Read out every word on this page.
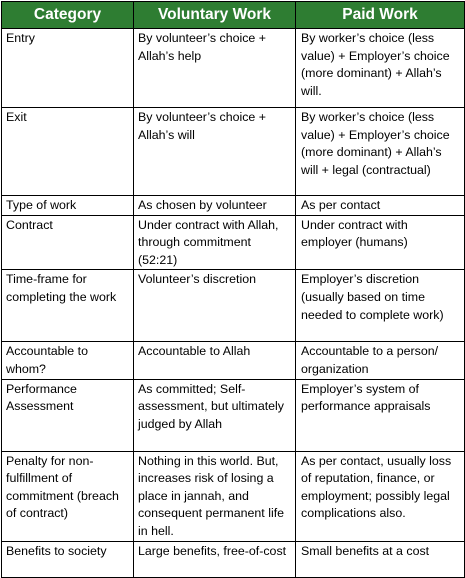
Category	Voluntary Work	Paid Work
Entry	By volunteer’s choice + Allah’s help	By worker’s choice (less value) + Employer’s choice (more dominant) + Allah’s will.
Exit	By volunteer’s choice + Allah’s will	By worker’s choice (less value) + Employer’s choice (more dominant) + Allah’s will + legal (contractual)
Type of work	As chosen by volunteer	As per contact
Contract	Under contract with Allah, through commitment (52:21)	Under contract with employer (humans)
Time-frame for completing the work	Volunteer’s discretion	Employer’s discretion (usually based on time needed to complete work)
Accountable to whom?	Accountable to Allah	Accountable to a person/ organization
Performance Assessment	As committed; Self-assessment, but ultimately judged by Allah	Employer’s system of performance appraisals
Penalty for non-fulfillment of commitment (breach of contract)	Nothing in this world. But, increases risk of losing a place in jannah, and consequent permanent life in hell.	As per contact, usually loss of reputation, finance, or employment; possibly legal complications also.
Benefits to society	Large benefits, free-of-cost	Small benefits at a cost
